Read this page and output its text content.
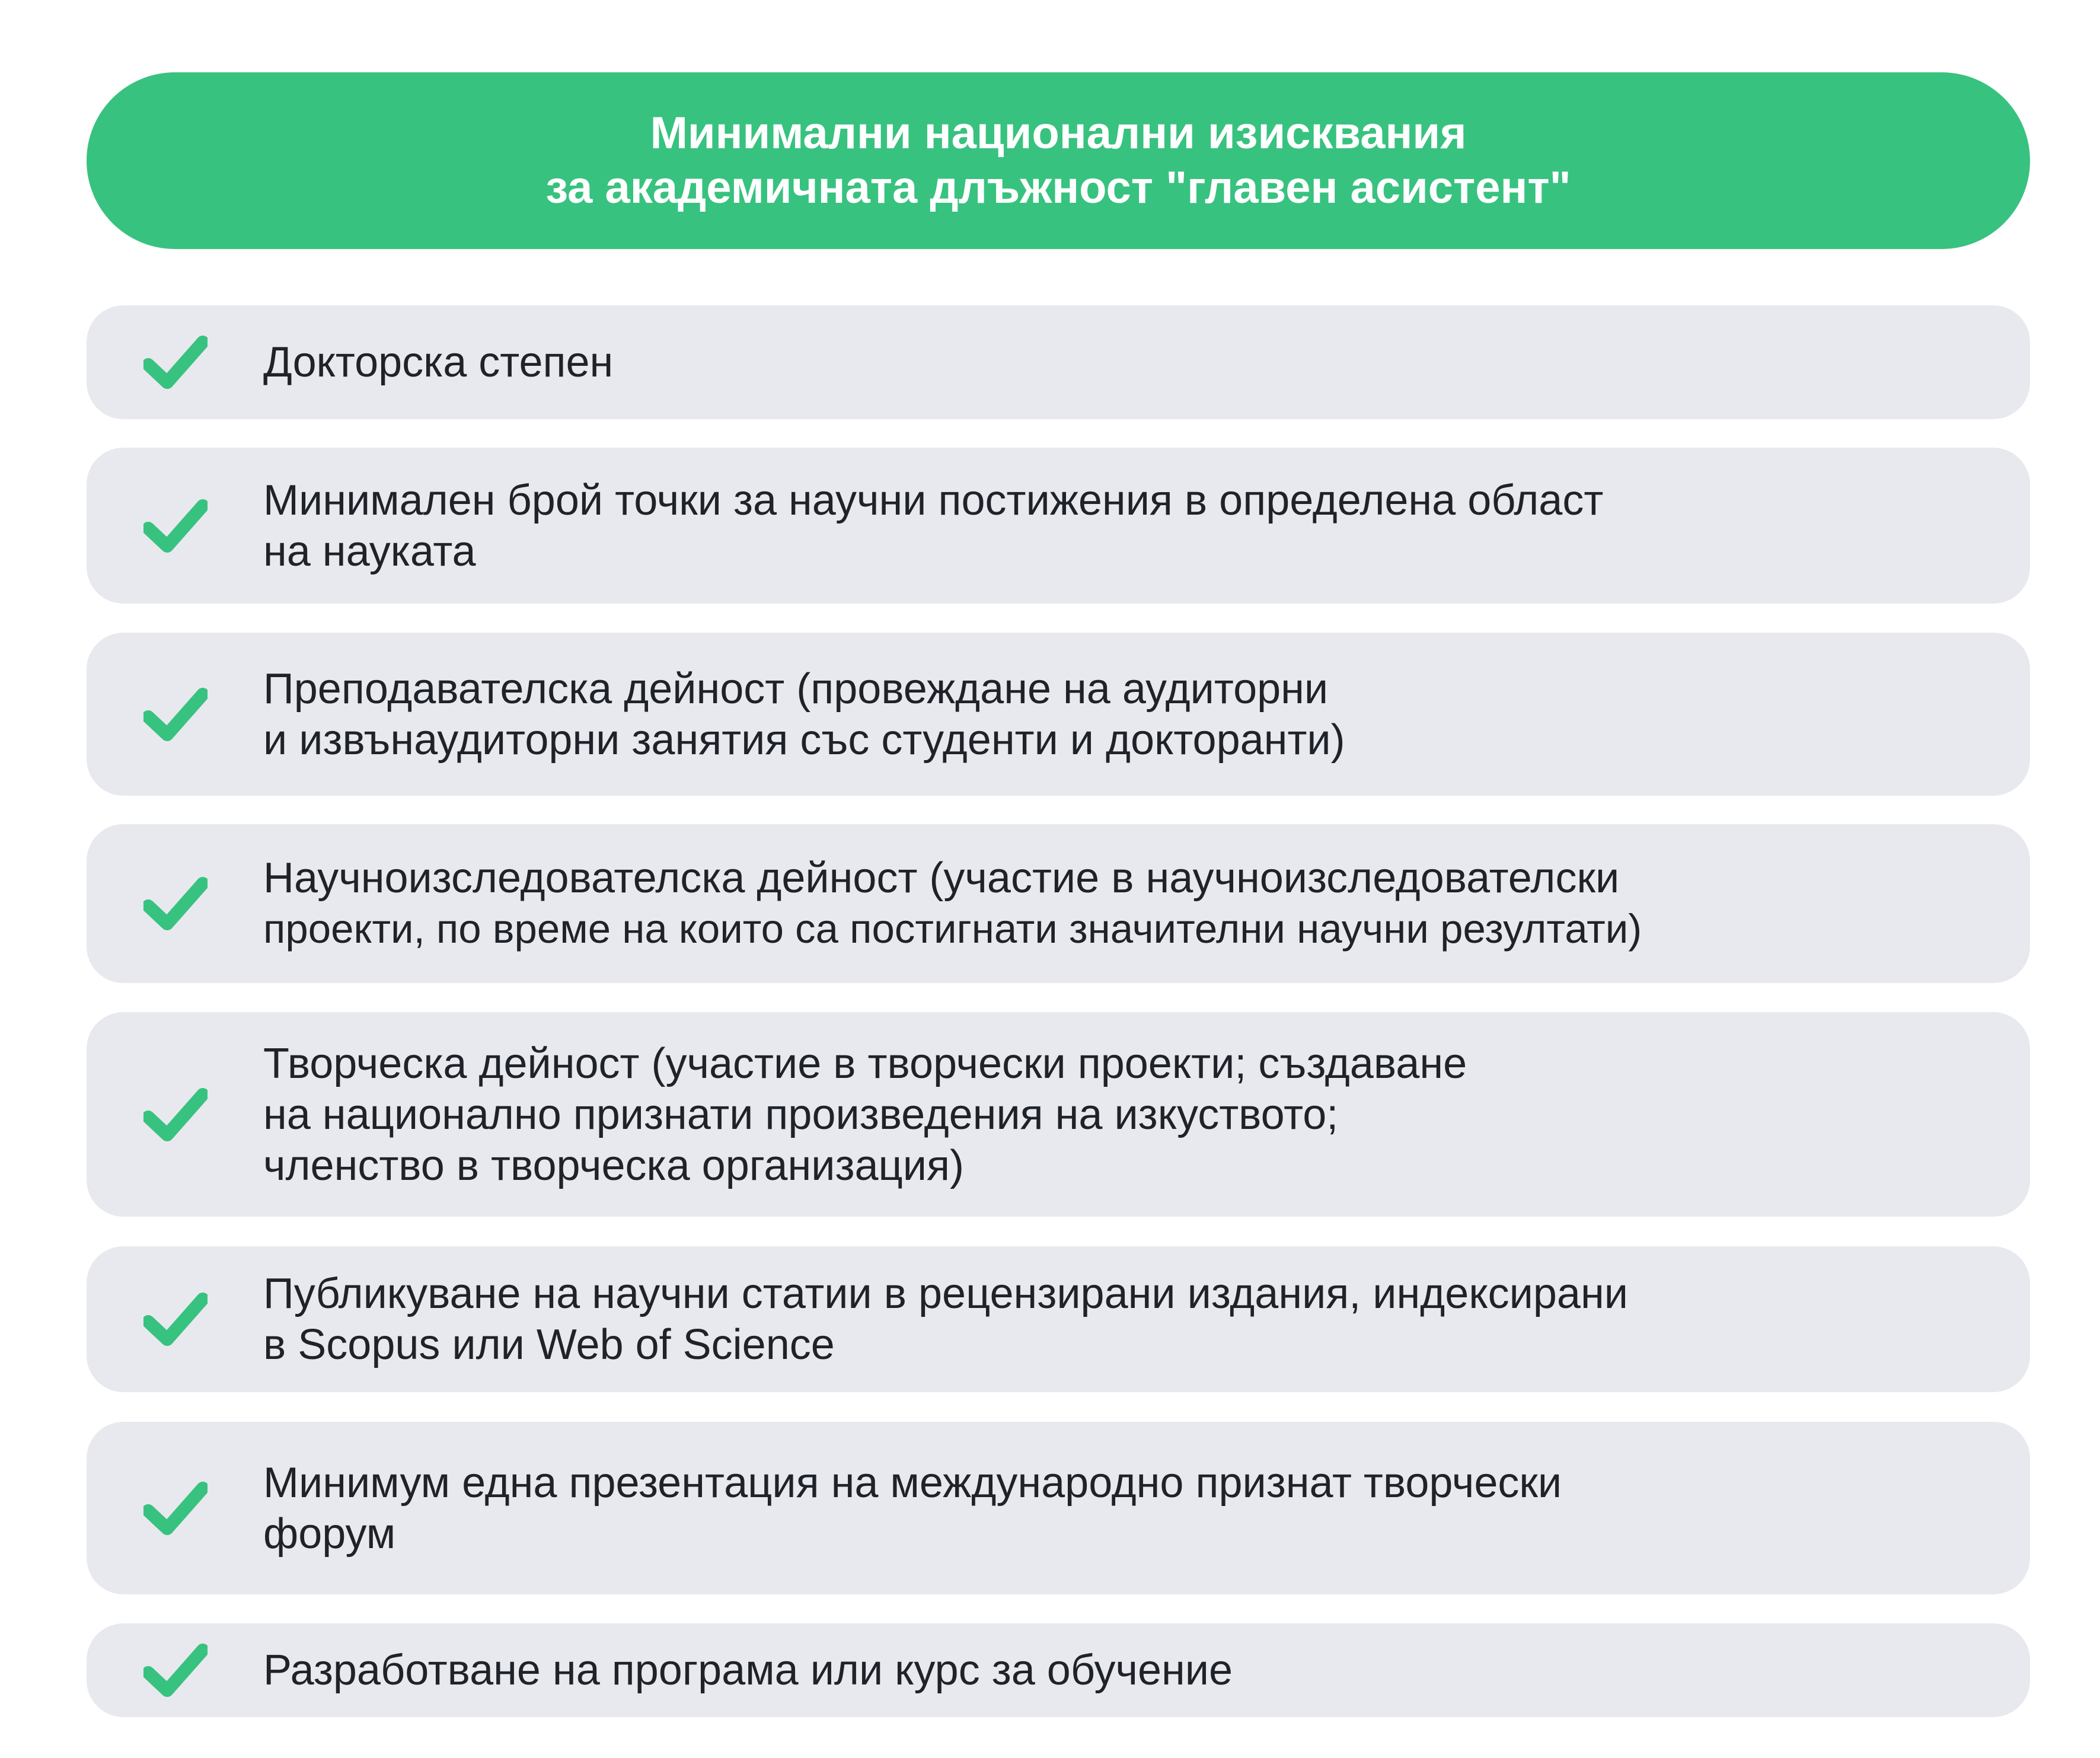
Минимални национални изисквания
за академичната длъжност "главен асистент"
Докторска степен
Минимален брой точки за научни постижения в определена област
на науката
Преподавателска дейност (провеждане на аудиторни
и извънаудиторни занятия със студенти и докторанти)
Научноизследователска дейност (участие в научноизследователски
проекти, по време на които са постигнати значителни научни резултати)
Творческа дейност (участие в творчески проекти; създаване
на национално признати произведения на изкуството;
членство в творческа организация)
Публикуване на научни статии в рецензирани издания, индексирани
в Scopus или Web of Science
Минимум една презентация на международно признат творчески
форум
Разработване на програма или курс за обучение
